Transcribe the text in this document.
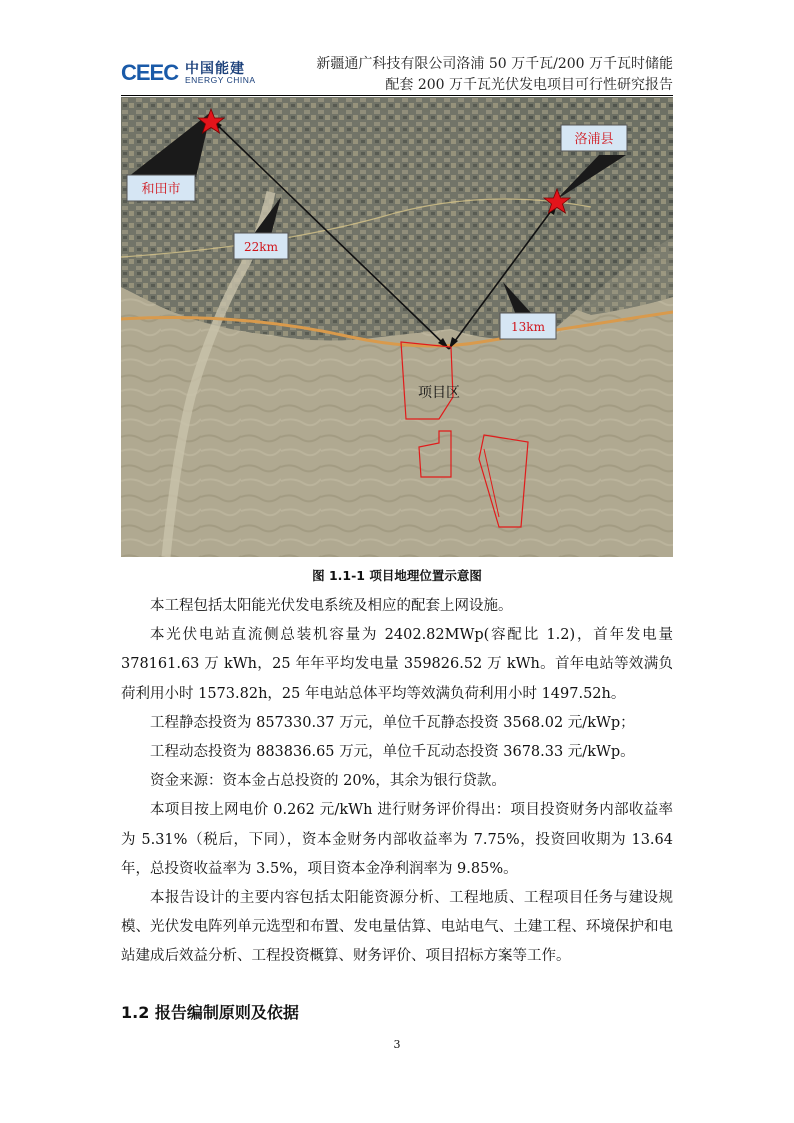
CEEC 中国能建
ENERGY CHINA
新疆通广科技有限公司洛浦 50 万千瓦/200 万千瓦时储能
配套 200 万千瓦光伏发电项目可行性研究报告
和田市
洛浦县
22km
13km
项目区
图 1.1-1 项目地理位置示意图

本工程包括太阳能光伏发电系统及相应的配套上网设施。

本光伏电站直流侧总装机容量为 2402.82MWp(容配比 1.2)，首年发电量 378161.63 万 kWh，25 年年平均发电量 359826.52 万 kWh。首年电站等效满负荷利用小时 1573.82h，25 年电站总体平均等效满负荷利用小时 1497.52h。

工程静态投资为 857330.37 万元，单位千瓦静态投资 3568.02 元/kWp；

工程动态投资为 883836.65 万元，单位千瓦动态投资 3678.33 元/kWp。

资金来源：资本金占总投资的 20%，其余为银行贷款。

本项目按上网电价 0.262 元/kWh 进行财务评价得出：项目投资财务内部收益率为 5.31%（税后，下同），资本金财务内部收益率为 7.75%，投资回收期为 13.64 年，总投资收益率为 3.5%，项目资本金净利润率为 9.85%。

本报告设计的主要内容包括太阳能资源分析、工程地质、工程项目任务与建设规模、光伏发电阵列单元选型和布置、发电量估算、电站电气、土建工程、环境保护和电站建成后效益分析、工程投资概算、财务评价、项目招标方案等工作。

1.2 报告编制原则及依据
3
